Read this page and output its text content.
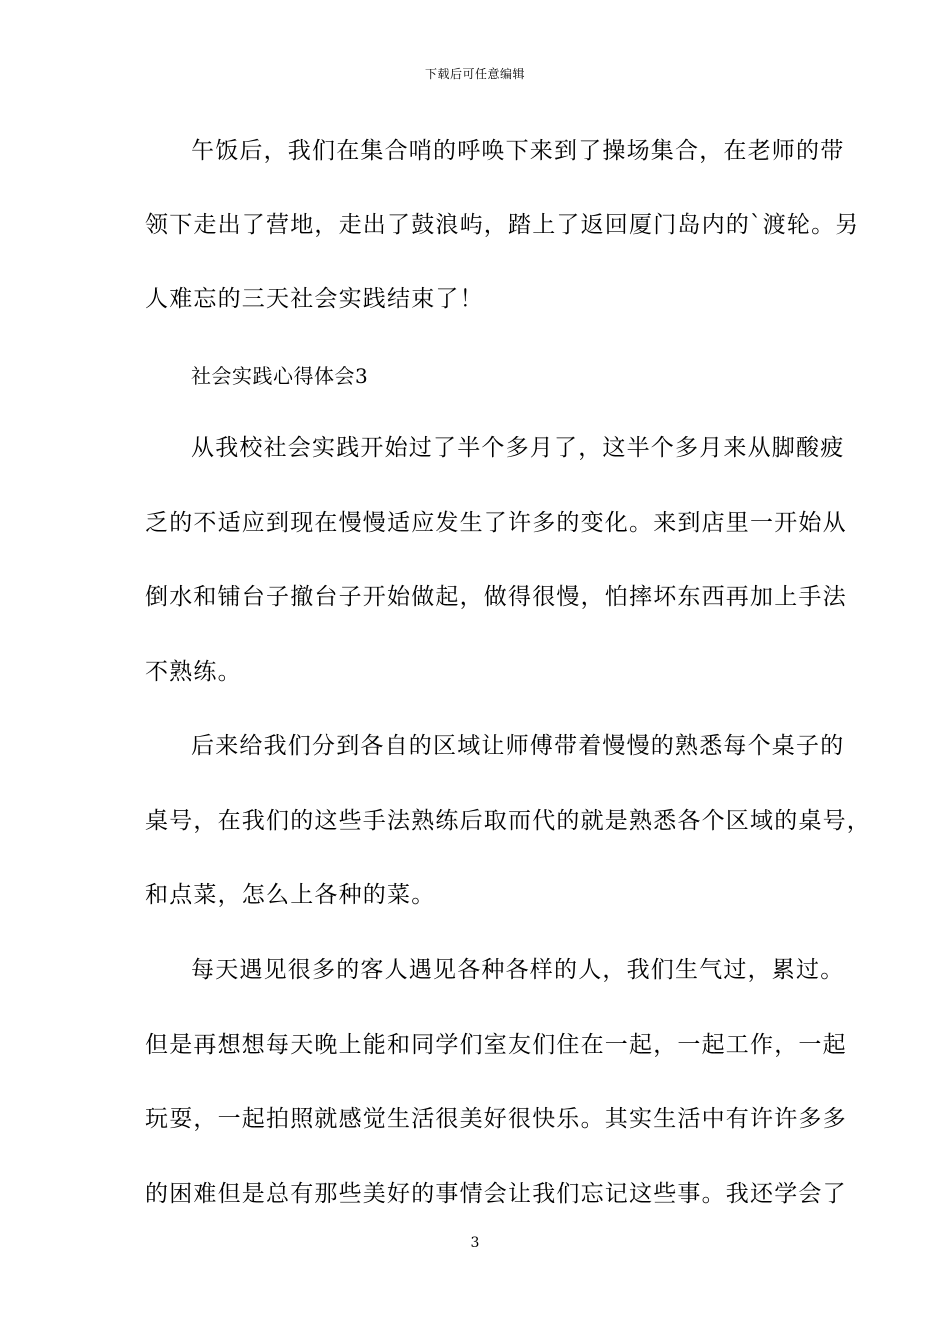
下载后可任意编辑
午饭后，我们在集合哨的呼唤下来到了操场集合，在老师的带
领下走出了营地，走出了鼓浪屿，踏上了返回厦门岛内的`渡轮。另
人难忘的三天社会实践结束了！
社会实践心得体会3
从我校社会实践开始过了半个多月了，这半个多月来从脚酸疲
乏的不适应到现在慢慢适应发生了许多的变化。来到店里一开始从
倒水和铺台子撤台子开始做起，做得很慢，怕摔坏东西再加上手法
不熟练。
后来给我们分到各自的区域让师傅带着慢慢的熟悉每个桌子的
桌号，在我们的这些手法熟练后取而代的就是熟悉各个区域的桌号，
和点菜，怎么上各种的菜。
每天遇见很多的客人遇见各种各样的人，我们生气过，累过。
但是再想想每天晚上能和同学们室友们住在一起，一起工作，一起
玩耍，一起拍照就感觉生活很美好很快乐。其实生活中有许许多多
的困难但是总有那些美好的事情会让我们忘记这些事。我还学会了
3
